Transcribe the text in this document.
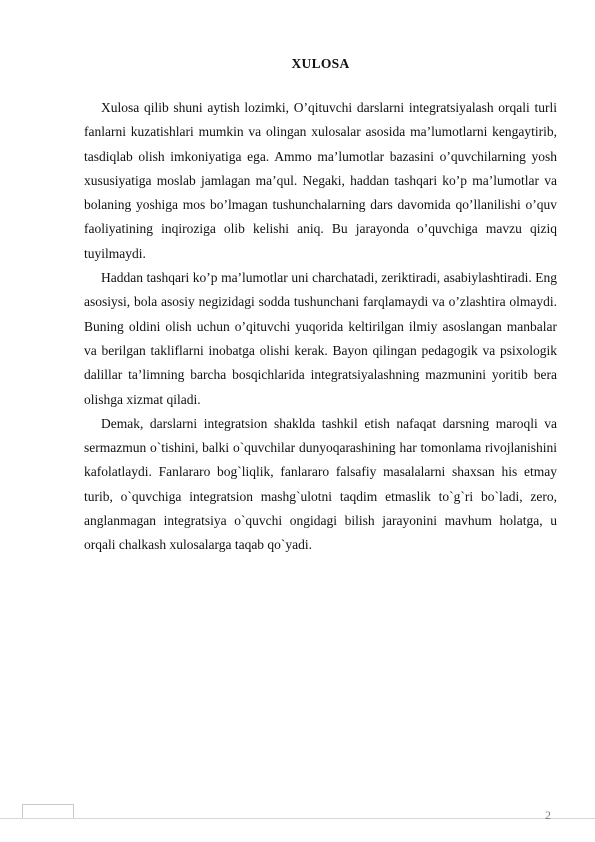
XULOSA

Xulosa qilib shuni aytish lozimki, O’qituvchi darslarni integratsiyalash orqali turli fanlarni kuzatishlari mumkin va olingan xulosalar asosida ma’lumotlarni kengaytirib, tasdiqlab olish imkoniyatiga ega. Ammo ma’lumotlar bazasini o’quvchilarning yosh xususiyatiga moslab jamlagan ma’qul. Negaki, haddan tashqari ko’p ma’lumotlar va bolaning yoshiga mos bo’lmagan tushunchalarning dars davomida qo’llanilishi o’quv faoliyatining inqiroziga olib kelishi aniq. Bu jarayonda o’quvchiga mavzu qiziq tuyilmaydi.

Haddan tashqari ko’p ma’lumotlar uni charchatadi, zeriktiradi, asabiylashtiradi. Eng asosiysi, bola asosiy negizidagi sodda tushunchani farqlamaydi va o’zlashtira olmaydi. Buning oldini olish uchun o’qituvchi yuqorida keltirilgan ilmiy asoslangan manbalar va berilgan takliflarni inobatga olishi kerak. Bayon qilingan pedagogik va psixologik dalillar ta’limning barcha bosqichlarida integratsiyalashning mazmunini yoritib bera olishga xizmat qiladi.

Demak, darslarni integratsion shaklda tashkil etish nafaqat darsning maroqli va sermazmun o`tishini, balki o`quvchilar dunyoqarashining har tomonlama rivojlanishini kafolatlaydi. Fanlararo bog`liqlik, fanlararo falsafiy masalalarni shaxsan his etmay turib, o`quvchiga integratsion mashg`ulotni taqdim etmaslik to`g`ri bo`ladi, zero, anglanmagan integratsiya o`quvchi ongidagi bilish jarayonini mavhum holatga, u orqali chalkash xulosalarga taqab qo`yadi.

2
